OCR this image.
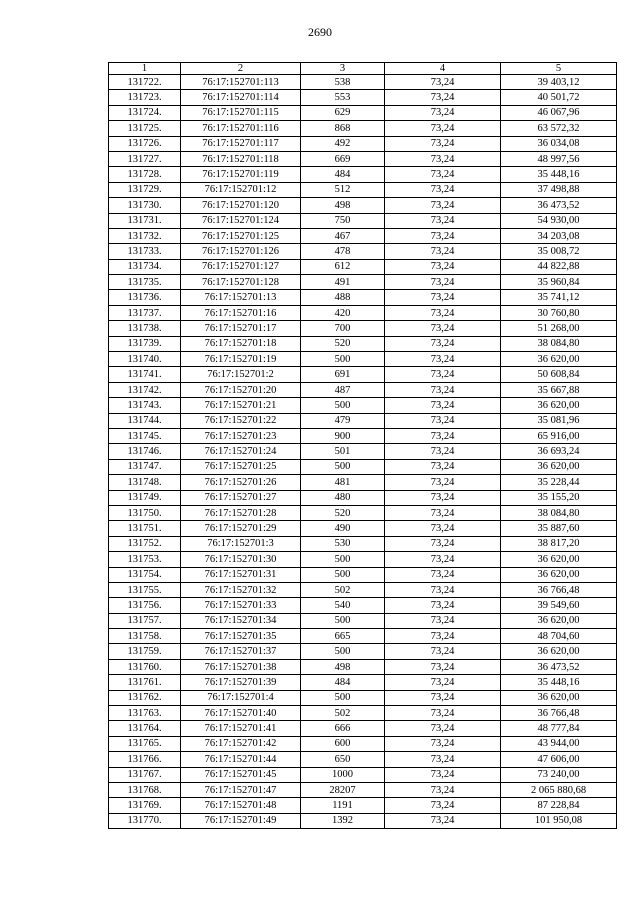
2690
1	2	3	4	5
131722.	76:17:152701:113	538	73,24	39 403,12
131723.	76:17:152701:114	553	73,24	40 501,72
131724.	76:17:152701:115	629	73,24	46 067,96
131725.	76:17:152701:116	868	73,24	63 572,32
131726.	76:17:152701:117	492	73,24	36 034,08
131727.	76:17:152701:118	669	73,24	48 997,56
131728.	76:17:152701:119	484	73,24	35 448,16
131729.	76:17:152701:12	512	73,24	37 498,88
131730.	76:17:152701:120	498	73,24	36 473,52
131731.	76:17:152701:124	750	73,24	54 930,00
131732.	76:17:152701:125	467	73,24	34 203,08
131733.	76:17:152701:126	478	73,24	35 008,72
131734.	76:17:152701:127	612	73,24	44 822,88
131735.	76:17:152701:128	491	73,24	35 960,84
131736.	76:17:152701:13	488	73,24	35 741,12
131737.	76:17:152701:16	420	73,24	30 760,80
131738.	76:17:152701:17	700	73,24	51 268,00
131739.	76:17:152701:18	520	73,24	38 084,80
131740.	76:17:152701:19	500	73,24	36 620,00
131741.	76:17:152701:2	691	73,24	50 608,84
131742.	76:17:152701:20	487	73,24	35 667,88
131743.	76:17:152701:21	500	73,24	36 620,00
131744.	76:17:152701:22	479	73,24	35 081,96
131745.	76:17:152701:23	900	73,24	65 916,00
131746.	76:17:152701:24	501	73,24	36 693,24
131747.	76:17:152701:25	500	73,24	36 620,00
131748.	76:17:152701:26	481	73,24	35 228,44
131749.	76:17:152701:27	480	73,24	35 155,20
131750.	76:17:152701:28	520	73,24	38 084,80
131751.	76:17:152701:29	490	73,24	35 887,60
131752.	76:17:152701:3	530	73,24	38 817,20
131753.	76:17:152701:30	500	73,24	36 620,00
131754.	76:17:152701:31	500	73,24	36 620,00
131755.	76:17:152701:32	502	73,24	36 766,48
131756.	76:17:152701:33	540	73,24	39 549,60
131757.	76:17:152701:34	500	73,24	36 620,00
131758.	76:17:152701:35	665	73,24	48 704,60
131759.	76:17:152701:37	500	73,24	36 620,00
131760.	76:17:152701:38	498	73,24	36 473,52
131761.	76:17:152701:39	484	73,24	35 448,16
131762.	76:17:152701:4	500	73,24	36 620,00
131763.	76:17:152701:40	502	73,24	36 766,48
131764.	76:17:152701:41	666	73,24	48 777,84
131765.	76:17:152701:42	600	73,24	43 944,00
131766.	76:17:152701:44	650	73,24	47 606,00
131767.	76:17:152701:45	1000	73,24	73 240,00
131768.	76:17:152701:47	28207	73,24	2 065 880,68
131769.	76:17:152701:48	1191	73,24	87 228,84
131770.	76:17:152701:49	1392	73,24	101 950,08
